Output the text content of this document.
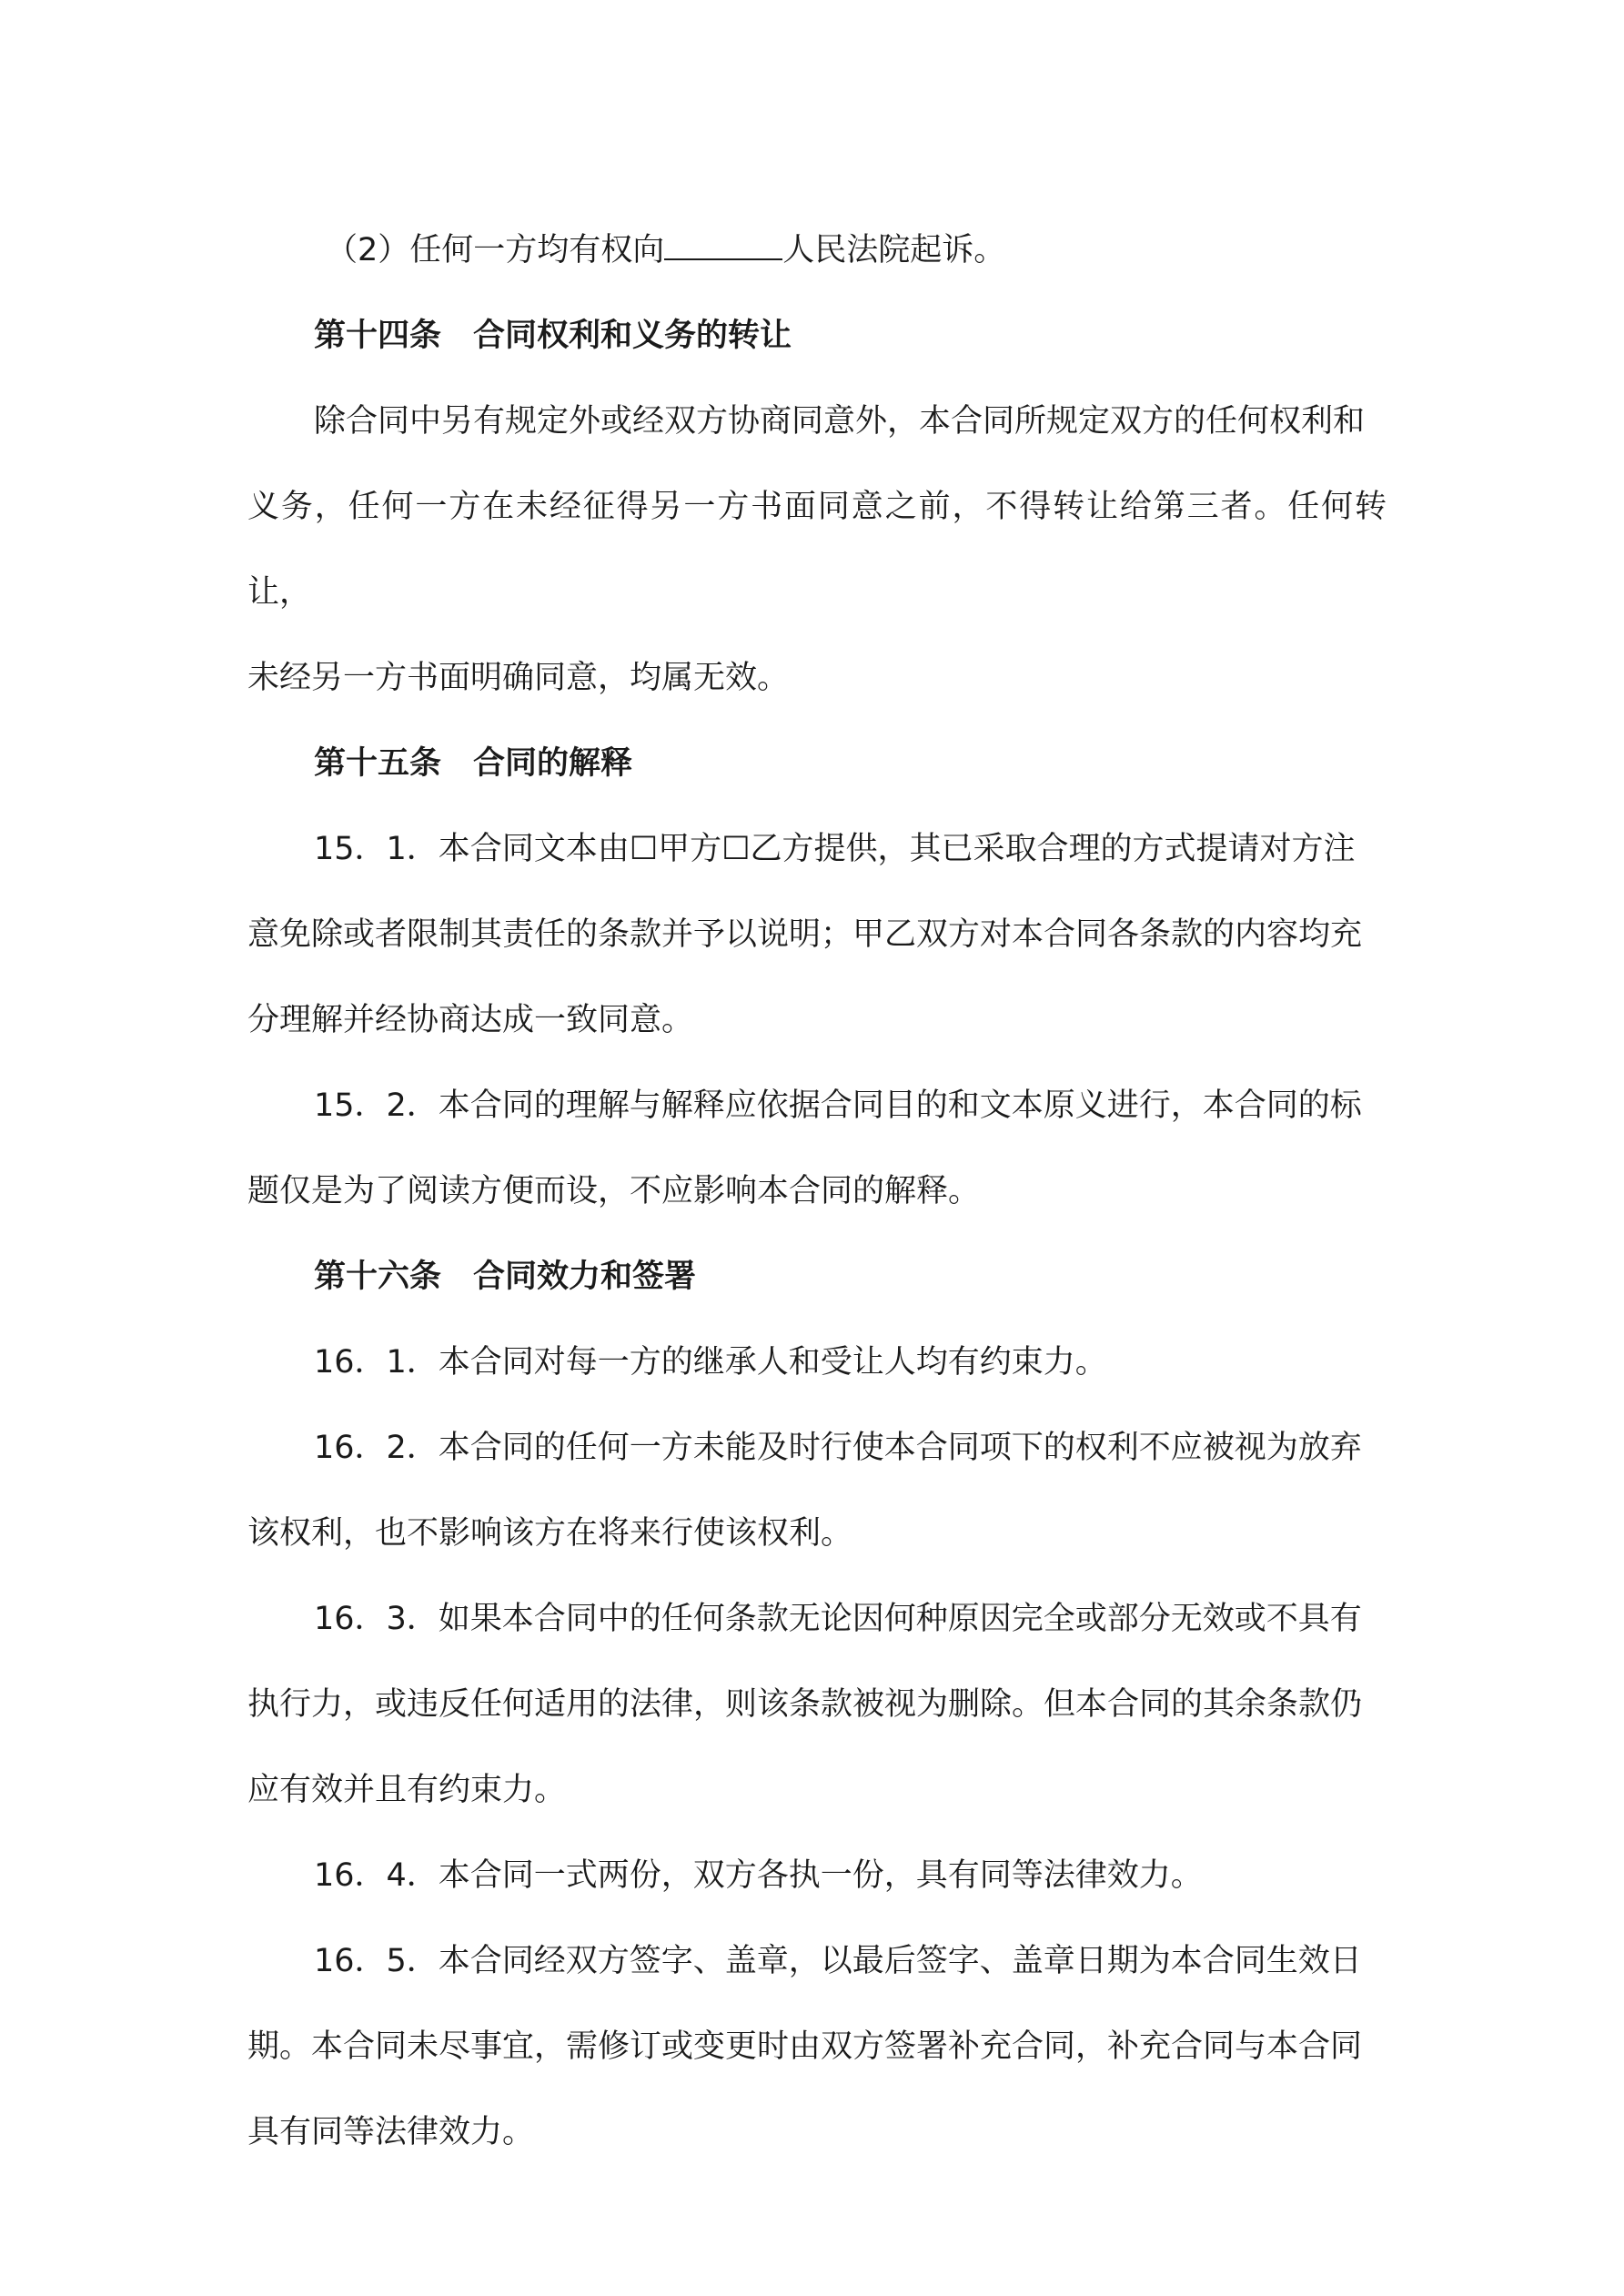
（2）任何一方均有权向	人民法院起诉。

第十四条 合同权利和义务的转让

除合同中另有规定外或经双方协商同意外，本合同所规定双方的任何权利和
义务，任何一方在未经征得另一方书面同意之前，不得转让给第三者。任何转让，
未经另一方书面明确同意，均属无效。

第十五条 合同的解释

15．1．本合同文本由☐甲方☐乙方提供，其已采取合理的方式提请对方注
意免除或者限制其责任的条款并予以说明；甲乙双方对本合同各条款的内容均充
分理解并经协商达成一致同意。

15．2．本合同的理解与解释应依据合同目的和文本原义进行，本合同的标
题仅是为了阅读方便而设，不应影响本合同的解释。

第十六条 合同效力和签署

16．1．本合同对每一方的继承人和受让人均有约束力。

16．2．本合同的任何一方未能及时行使本合同项下的权利不应被视为放弃
该权利，也不影响该方在将来行使该权利。

16．3．如果本合同中的任何条款无论因何种原因完全或部分无效或不具有
执行力，或违反任何适用的法律，则该条款被视为删除。但本合同的其余条款仍
应有效并且有约束力。

16．4．本合同一式两份，双方各执一份，具有同等法律效力。

16．5．本合同经双方签字、盖章，以最后签字、盖章日期为本合同生效日
期。本合同未尽事宜，需修订或变更时由双方签署补充合同，补充合同与本合同
具有同等法律效力。
